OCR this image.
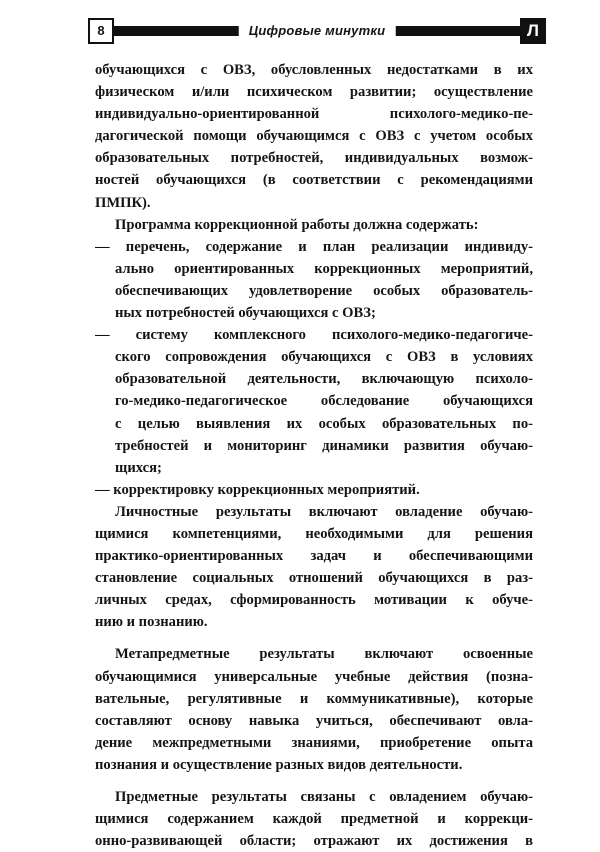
8	Цифровые минутки	Л
обучающихся с ОВЗ, обусловленных недостатками в их
физическом и/или психическом развитии; осуществление
индивидуально-ориентированной психолого-медико-пе-
дагогической помощи обучающимся с ОВЗ с учетом особых
образовательных потребностей, индивидуальных возмож-
ностей обучающихся (в соответствии с рекомендациями
ПМПК).
Программа коррекционной работы должна содержать:
— перечень, содержание и план реализации индивиду-
ально ориентированных коррекционных мероприятий,
обеспечивающих удовлетворение особых образователь-
ных потребностей обучающихся с ОВЗ;
— систему комплексного психолого-медико-педагогиче-
ского сопровождения обучающихся с ОВЗ в условиях
образовательной деятельности, включающую психоло-
го-медико-педагогическое обследование обучающихся
с целью выявления их особых образовательных по-
требностей и мониторинг динамики развития обучаю-
щихся;
— корректировку коррекционных мероприятий.
Личностные результаты включают овладение обучаю-
щимися компетенциями, необходимыми для решения
практико-ориентированных задач и обеспечивающими
становление социальных отношений обучающихся в раз-
личных средах, сформированность мотивации к обуче-
нию и познанию.
Метапредметные результаты включают освоенные
обучающимися универсальные учебные действия (позна-
вательные, регулятивные и коммуникативные), которые
составляют основу навыка учиться, обеспечивают овла-
дение межпредметными знаниями, приобретение опыта
познания и осуществление разных видов деятельности.
Предметные результаты связаны с овладением обучаю-
щимися содержанием каждой предметной и коррекци-
онно-развивающей области; отражают их достижения в
